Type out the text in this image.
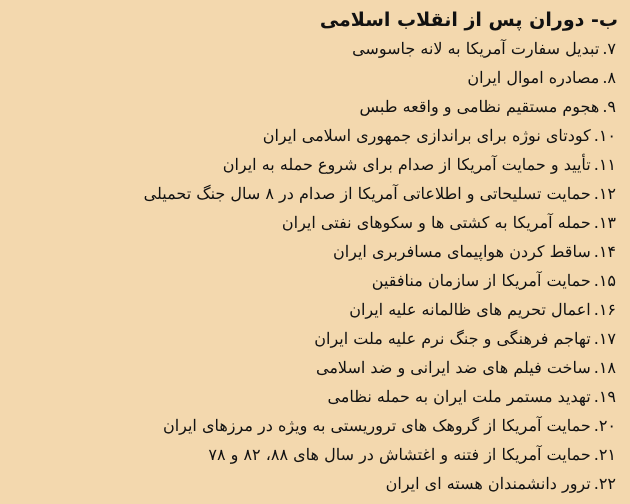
ب- دوران پس از انقلاب اسلامی
۷.تبدیل سفارت آمریکا به لانه جاسوسی
۸.مصادره اموال ایران
۹.هجوم مستقیم نظامی و واقعه طبس
۱۰.کودتای نوژه برای براندازی جمهوری اسلامی ایران
۱۱.تأیید و حمایت آمریکا از صدام برای شروع حمله به ایران
۱۲.حمایت تسلیحاتی و اطلاعاتی آمریکا از صدام در ۸ سال جنگ تحمیلی
۱۳.حمله آمریکا به کشتی ها و سکوهای نفتی ایران
۱۴.ساقط کردن هواپیمای مسافربری ایران
۱۵.حمایت آمریکا از سازمان منافقین
۱۶.اعمال تحریم های ظالمانه علیه ایران
۱۷.تهاجم فرهنگی و جنگ نرم علیه ملت ایران
۱۸.ساخت فیلم های ضد ایرانی و ضد اسلامی
۱۹.تهدید مستمر ملت ایران به حمله نظامی
۲۰.حمایت آمریکا از گروهک های تروریستی به ویژه در مرزهای ایران
۲۱.حمایت آمریکا از فتنه و اغتشاش در سال های ۸۸، ۸۲ و ۷۸
۲۲.ترور دانشمندان هسته ای ایران
